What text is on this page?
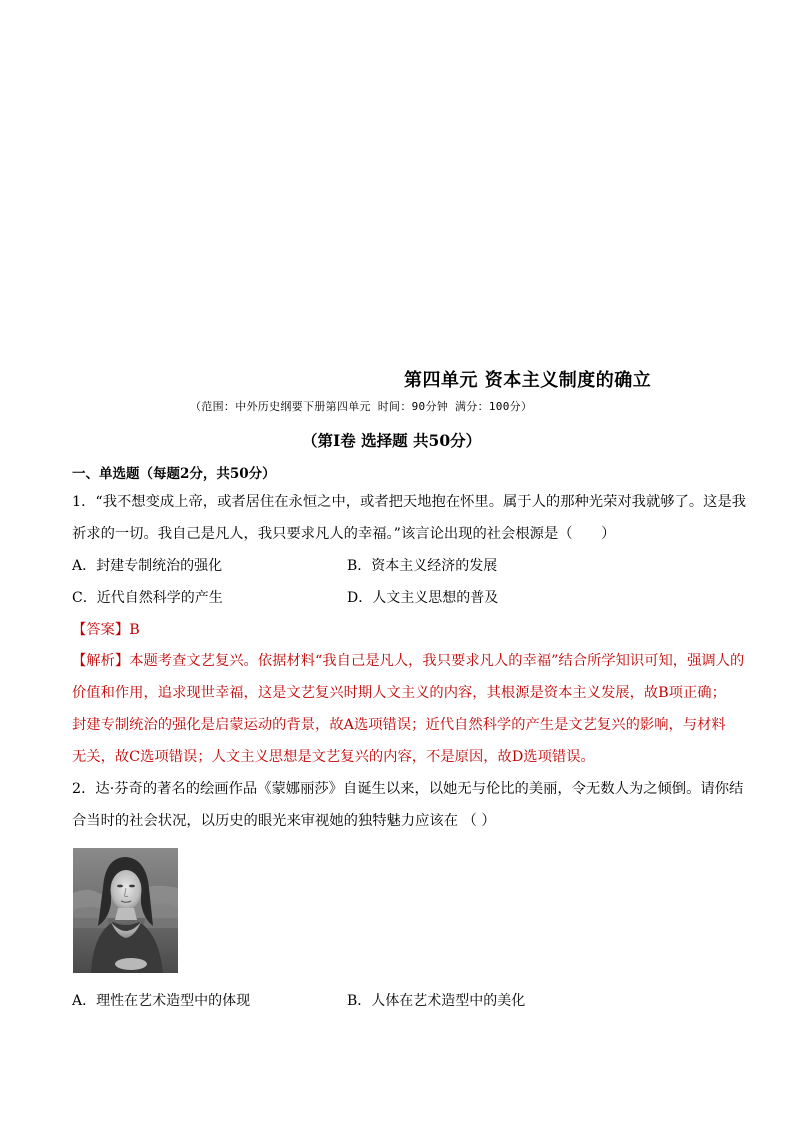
第四单元 资本主义制度的确立
（范围：中外历史纲要下册第四单元 时间：90分钟 满分：100分）
（第I卷 选择题 共50分）
一、单选题（每题2分，共50分）
1．“我不想变成上帝，或者居住在永恒之中，或者把天地抱在怀里。属于人的那种光荣对我就够了。这是我
祈求的一切。我自己是凡人，我只要求凡人的幸福。”该言论出现的社会根源是（　　）
A．封建专制统治的强化	B．资本主义经济的发展
C．近代自然科学的产生	D．人文主义思想的普及
【答案】B
【解析】本题考查文艺复兴。依据材料“我自己是凡人，我只要求凡人的幸福”结合所学知识可知，强调人的
价值和作用，追求现世幸福，这是文艺复兴时期人文主义的内容，其根源是资本主义发展，故B项正确；
封建专制统治的强化是启蒙运动的背景，故A选项错误；近代自然科学的产生是文艺复兴的影响，与材料
无关，故C选项错误；人文主义思想是文艺复兴的内容，不是原因，故D选项错误。
2．达·芬奇的著名的绘画作品《蒙娜丽莎》自诞生以来，以她无与伦比的美丽，令无数人为之倾倒。请你结
合当时的社会状况，以历史的眼光来审视她的独特魅力应该在 （ ）
A．理性在艺术造型中的体现	B．人体在艺术造型中的美化
